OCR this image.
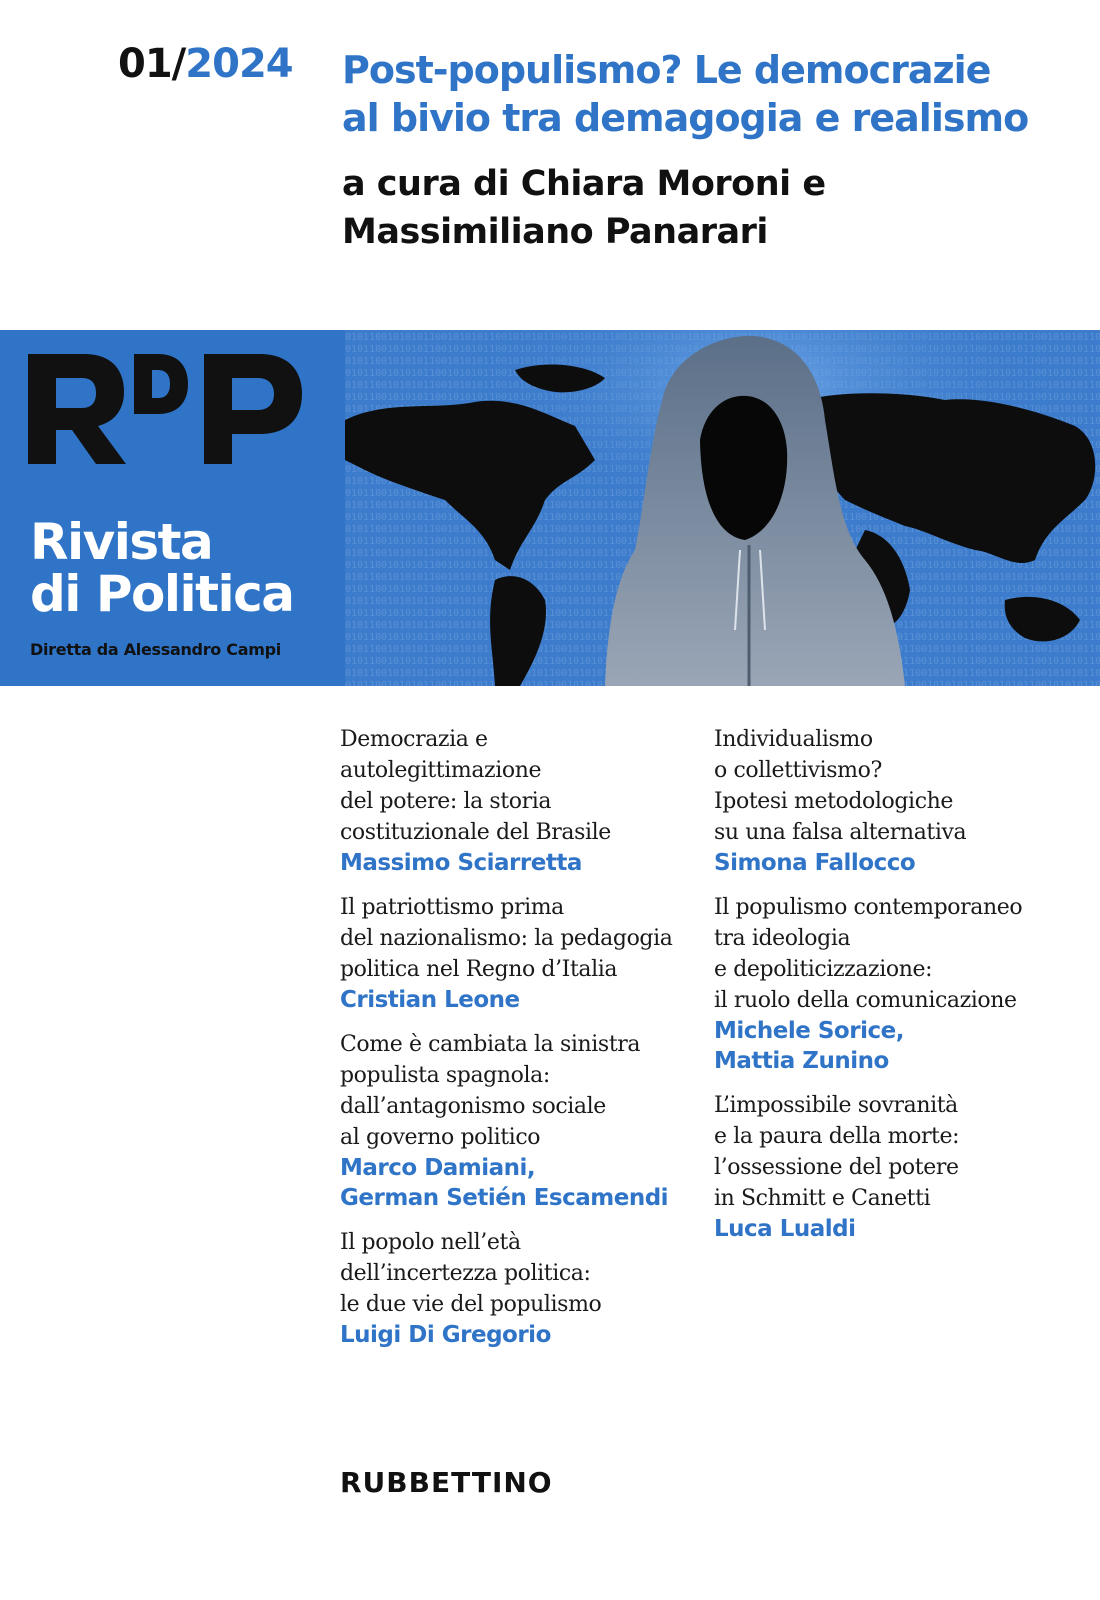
01/2024 Post-populismo? Le democrazie
al bivio tra demagogia e realismo
a cura di Chiara Moroni e
Massimiliano Panarari
Rivista
di Politica
Diretta da Alessandro Campi
Democrazia e
autolegittimazione
del potere: la storia
costituzionale del Brasile
Massimo Sciarretta
Il patriottismo prima
del nazionalismo: la pedagogia
politica nel Regno d’Italia
Cristian Leone
Come è cambiata la sinistra
populista spagnola:
dall’antagonismo sociale
al governo politico
Marco Damiani,
German Setién Escamendi
Il popolo nell’età
dell’incertezza politica:
le due vie del populismo
Luigi Di Gregorio
Individualismo
o collettivismo?
Ipotesi metodologiche
su una falsa alternativa
Simona Fallocco
Il populismo contemporaneo
tra ideologia
e depoliticizzazione:
il ruolo della comunicazione
Michele Sorice,
Mattia Zunino
L’impossibile sovranità
e la paura della morte:
l’ossessione del potere
in Schmitt e Canetti
Luca Lualdi
RUBBETTINO
